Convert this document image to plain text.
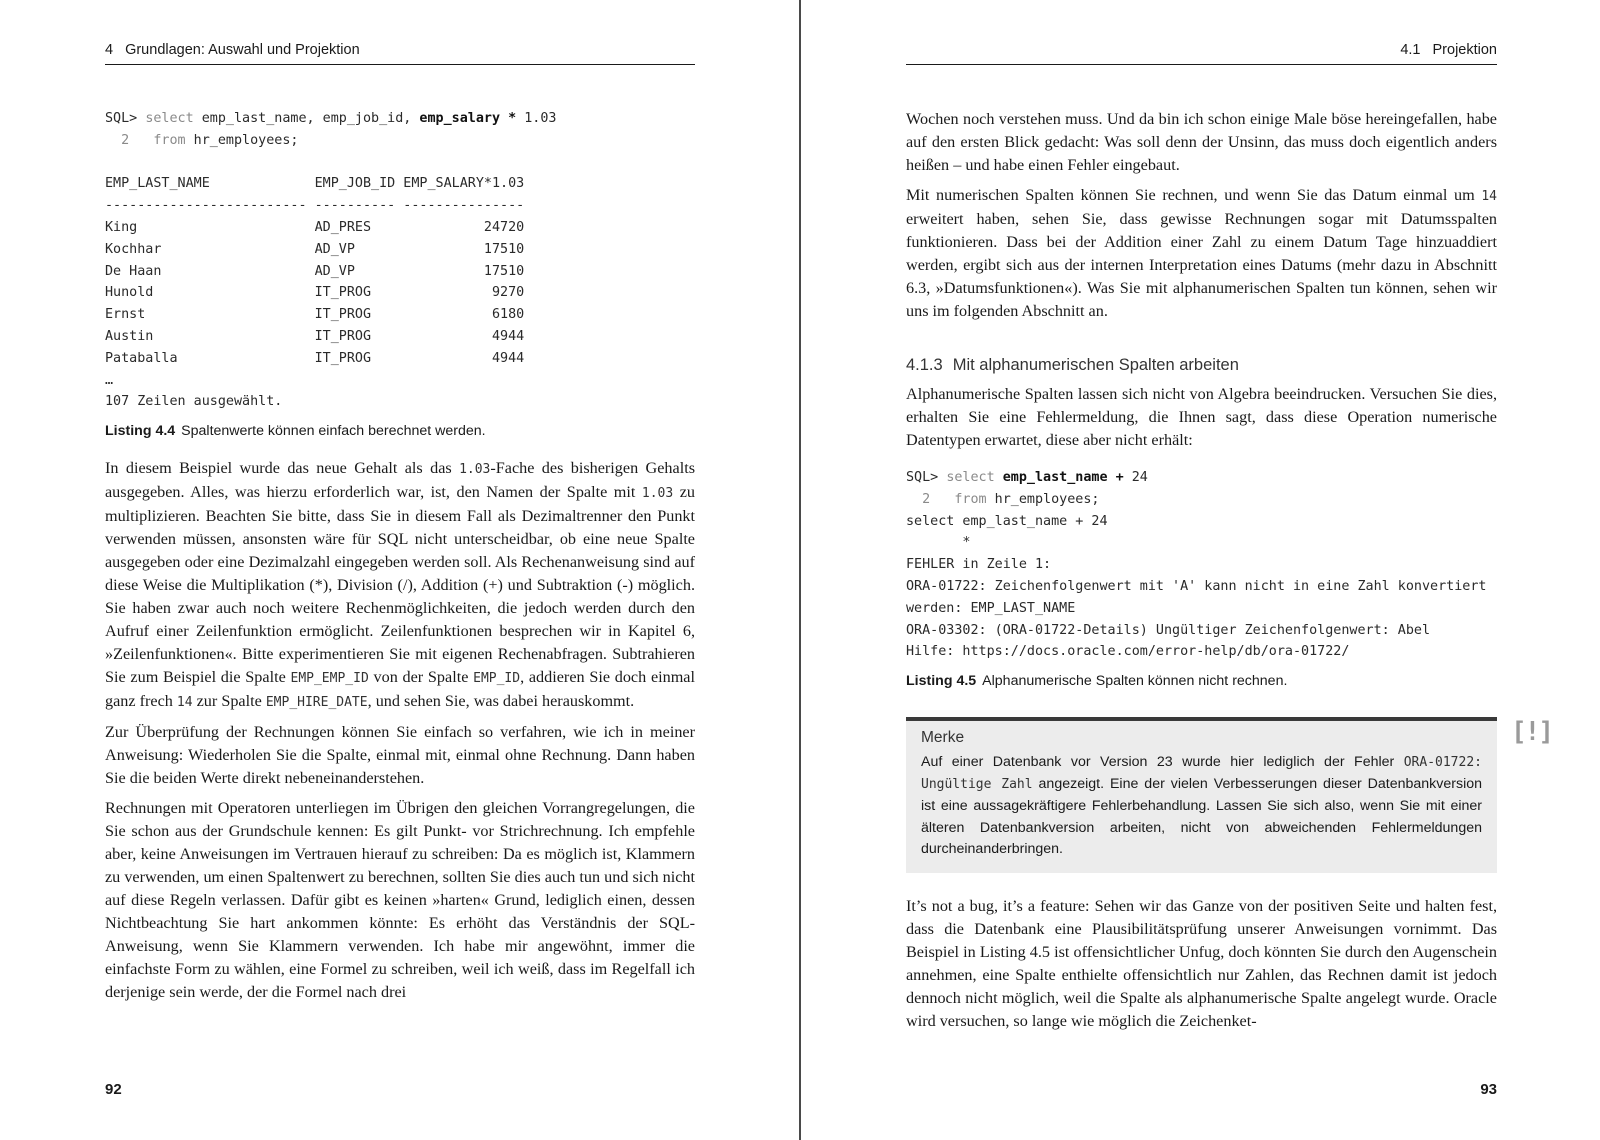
4 Grundlagen: Auswahl und Projektion
SQL> select emp_last_name, emp_job_id, emp_salary * 1.03
2   from hr_employees;

EMP_LAST_NAME             EMP_JOB_ID EMP_SALARY*1.03
------------------------- ---------- ---------------
King                      AD_PRES              24720
Kochhar                   AD_VP                17510
De Haan                   AD_VP                17510
Hunold                    IT_PROG               9270
Ernst                     IT_PROG               6180
Austin                    IT_PROG               4944
Pataballa                 IT_PROG               4944
…
107 Zeilen ausgewählt.
Listing 4.4 Spaltenwerte können einfach berechnet werden.

In diesem Beispiel wurde das neue Gehalt als das 1.03-Fache des bisherigen Gehalts ausgegeben. Alles, was hierzu erforderlich war, ist, den Namen der Spalte mit 1.03 zu multiplizieren. Beachten Sie bitte, dass Sie in diesem Fall als Dezimaltrenner den Punkt verwenden müssen, ansonsten wäre für SQL nicht unterscheidbar, ob eine neue Spalte ausgegeben oder eine Dezimalzahl eingegeben werden soll. Als Rechenanweisung sind auf diese Weise die Multiplikation (*), Division (/), Addition (+) und Subtraktion (-) möglich. Sie haben zwar auch noch weitere Rechenmöglichkeiten, die jedoch werden durch den Aufruf einer Zeilenfunktion ermöglicht. Zeilenfunktionen besprechen wir in Kapitel 6, »Zeilenfunktionen«. Bitte experimentieren Sie mit eigenen Rechenabfragen. Subtrahieren Sie zum Beispiel die Spalte EMP_EMP_ID von der Spalte EMP_ID, addieren Sie doch einmal ganz frech 14 zur Spalte EMP_HIRE_DATE, und sehen Sie, was dabei herauskommt.

Zur Überprüfung der Rechnungen können Sie einfach so verfahren, wie ich in meiner Anweisung: Wiederholen Sie die Spalte, einmal mit, einmal ohne Rechnung. Dann haben Sie die beiden Werte direkt nebeneinanderstehen.

Rechnungen mit Operatoren unterliegen im Übrigen den gleichen Vorrangregelungen, die Sie schon aus der Grundschule kennen: Es gilt Punkt- vor Strichrechnung. Ich empfehle aber, keine Anweisungen im Vertrauen hierauf zu schreiben: Da es möglich ist, Klammern zu verwenden, um einen Spaltenwert zu berechnen, sollten Sie dies auch tun und sich nicht auf diese Regeln verlassen. Dafür gibt es keinen »harten« Grund, lediglich einen, dessen Nichtbeachtung Sie hart ankommen könnte: Es erhöht das Verständnis der SQL-Anweisung, wenn Sie Klammern verwenden. Ich habe mir angewöhnt, immer die einfachste Form zu wählen, eine Formel zu schreiben, weil ich weiß, dass im Regelfall ich derjenige sein werde, der die Formel nach drei

92
4.1 Projektion

Wochen noch verstehen muss. Und da bin ich schon einige Male böse hereingefallen, habe auf den ersten Blick gedacht: Was soll denn der Unsinn, das muss doch eigentlich anders heißen – und habe einen Fehler eingebaut.

Mit numerischen Spalten können Sie rechnen, und wenn Sie das Datum einmal um 14 erweitert haben, sehen Sie, dass gewisse Rechnungen sogar mit Datumsspalten funktionieren. Dass bei der Addition einer Zahl zu einem Datum Tage hinzuaddiert werden, ergibt sich aus der internen Interpretation eines Datums (mehr dazu in Abschnitt 6.3, »Datumsfunktionen«). Was Sie mit alphanumerischen Spalten tun können, sehen wir uns im folgenden Abschnitt an.

4.1.3 Mit alphanumerischen Spalten arbeiten

Alphanumerische Spalten lassen sich nicht von Algebra beeindrucken. Versuchen Sie dies, erhalten Sie eine Fehlermeldung, die Ihnen sagt, dass diese Operation numerische Datentypen erwartet, diese aber nicht erhält:

SQL> select emp_last_name + 24
2   from hr_employees;
select emp_last_name + 24
*
FEHLER in Zeile 1:
ORA-01722: Zeichenfolgenwert mit 'A' kann nicht in eine Zahl konvertiert
werden: EMP_LAST_NAME
ORA-03302: (ORA-01722-Details) Ungültiger Zeichenfolgenwert: Abel
Hilfe: https://docs.oracle.com/error-help/db/ora-01722/
Listing 4.5 Alphanumerische Spalten können nicht rechnen.
[!]
Merke

Auf einer Datenbank vor Version 23 wurde hier lediglich der Fehler ORA-01722: Ungültige Zahl angezeigt. Eine der vielen Verbesserungen dieser Datenbankversion ist eine aussagekräftigere Fehlerbehandlung. Lassen Sie sich also, wenn Sie mit einer älteren Datenbankversion arbeiten, nicht von abweichenden Fehlermeldungen durcheinanderbringen.

It’s not a bug, it’s a feature: Sehen wir das Ganze von der positiven Seite und halten fest, dass die Datenbank eine Plausibilitätsprüfung unserer Anweisungen vornimmt. Das Beispiel in Listing 4.5 ist offensichtlicher Unfug, doch könnten Sie durch den Augenschein annehmen, eine Spalte enthielte offensichtlich nur Zahlen, das Rechnen damit ist jedoch dennoch nicht möglich, weil die Spalte als alphanumerische Spalte angelegt wurde. Oracle wird versuchen, so lange wie möglich die Zeichenket-

93
